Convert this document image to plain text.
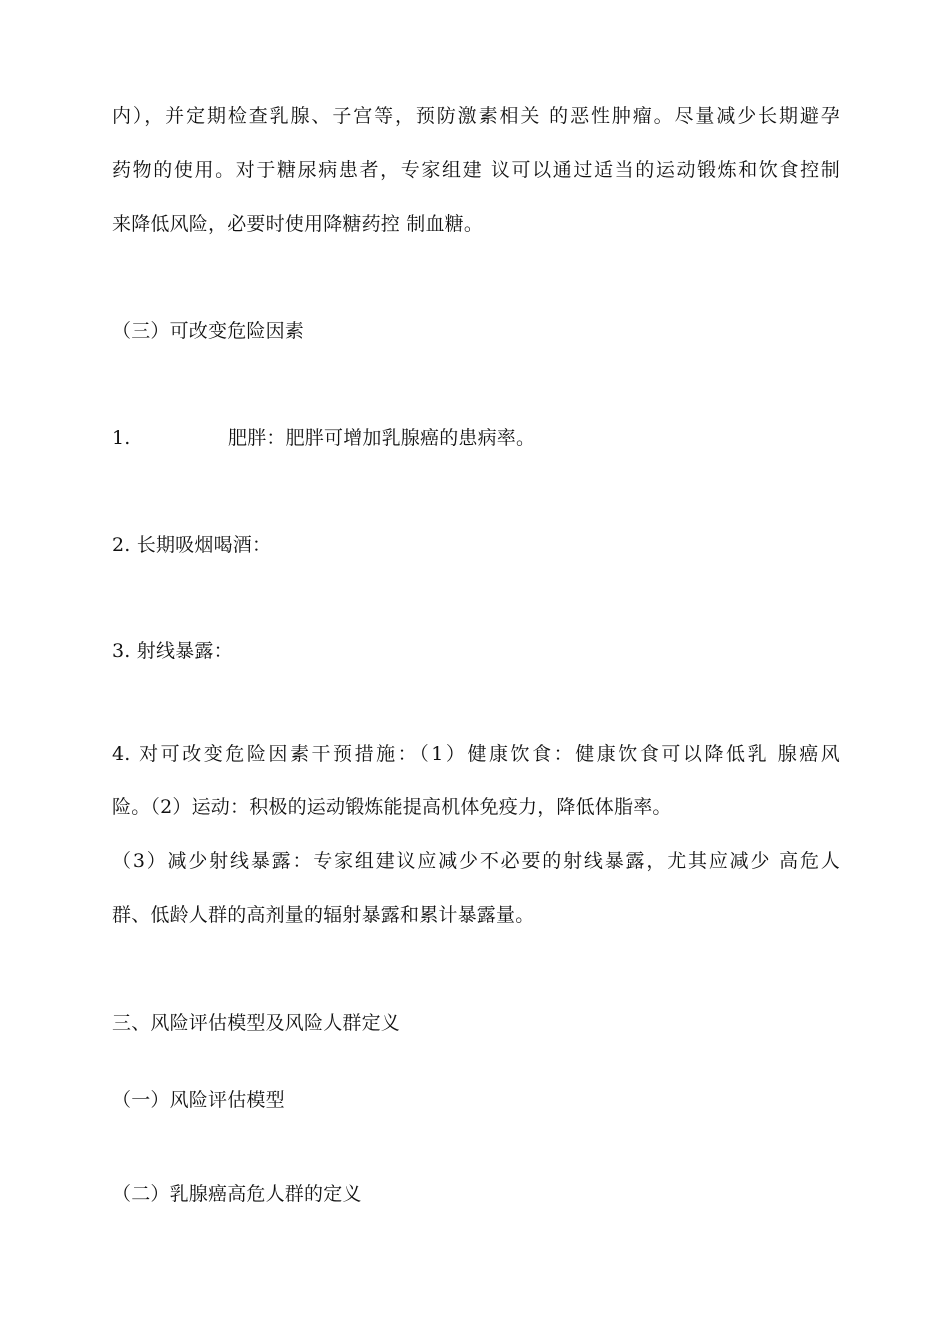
内），并定期检查乳腺、子宫等，预防激素相关 的恶性肿瘤。尽量减少长期避孕
药物的使用。对于糖尿病患者，专家组建 议可以通过适当的运动锻炼和饮食控制
来降低风险，必要时使用降糖药控 制血糖。
（三）可改变危险因素
1.	肥胖：肥胖可增加乳腺癌的患病率。
2. 长期吸烟喝酒：
3. 射线暴露：
4. 对可改变危险因素干预措施：（1）健康饮食：健康饮食可以降低乳 腺癌风
险。（2）运动：积极的运动锻炼能提高机体免疫力，降低体脂率。
（3）减少射线暴露：专家组建议应减少不必要的射线暴露，尤其应减少 高危人
群、低龄人群的高剂量的辐射暴露和累计暴露量。
三、风险评估模型及风险人群定义
（一）风险评估模型
（二）乳腺癌高危人群的定义
